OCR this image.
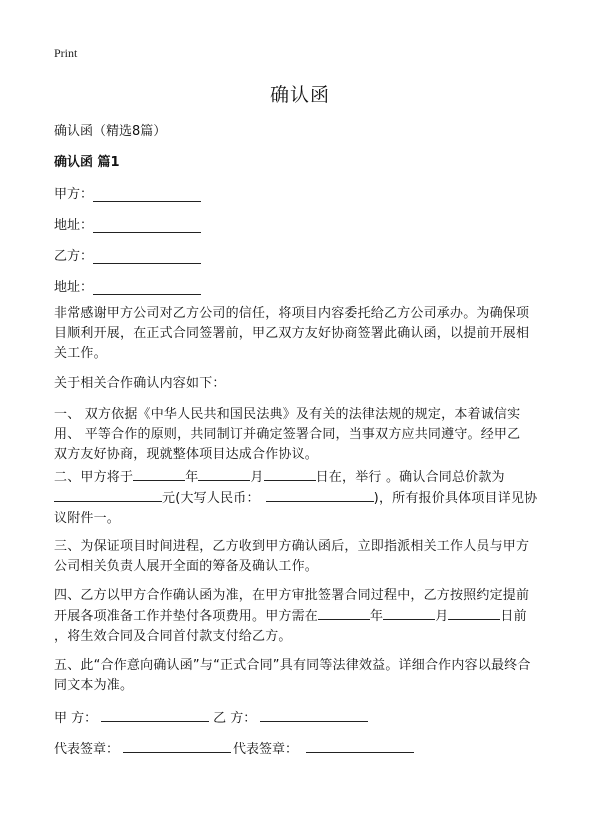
Print
确认函
确认函（精选8篇）
确认函 篇1
甲方：
地址：
乙方：
地址：
非常感谢甲方公司对乙方公司的信任，将项目内容委托给乙方公司承办。为确保项
目顺利开展，在正式合同签署前，甲乙双方友好协商签署此确认函，以提前开展相
关工作。
关于相关合作确认内容如下：
一、 双方依据《中华人民共和国民法典》及有关的法律法规的规定，本着诚信实
用、 平等合作的原则，共同制订并确定签署合同，当事双方应共同遵守。经甲乙
双方友好协商，现就整体项目达成合作协议。
二、甲方将于	年	月	日在，举行 。确认合同总价款为
元(大写人民币：	)，所有报价具体项目详见协
议附件一。
三、为保证项目时间进程，乙方收到甲方确认函后，立即指派相关工作人员与甲方
公司相关负责人展开全面的筹备及确认工作。
四、乙方以甲方合作确认函为准，在甲方审批签署合同过程中，乙方按照约定提前
开展各项准备工作并垫付各项费用。甲方需在	年	月	日前
，将生效合同及合同首付款支付给乙方。
五、此“合作意向确认函”与“正式合同”具有同等法律效益。详细合作内容以最终合
同文本为准。
甲 方：	乙 方：
代表签章：	代表签章：
